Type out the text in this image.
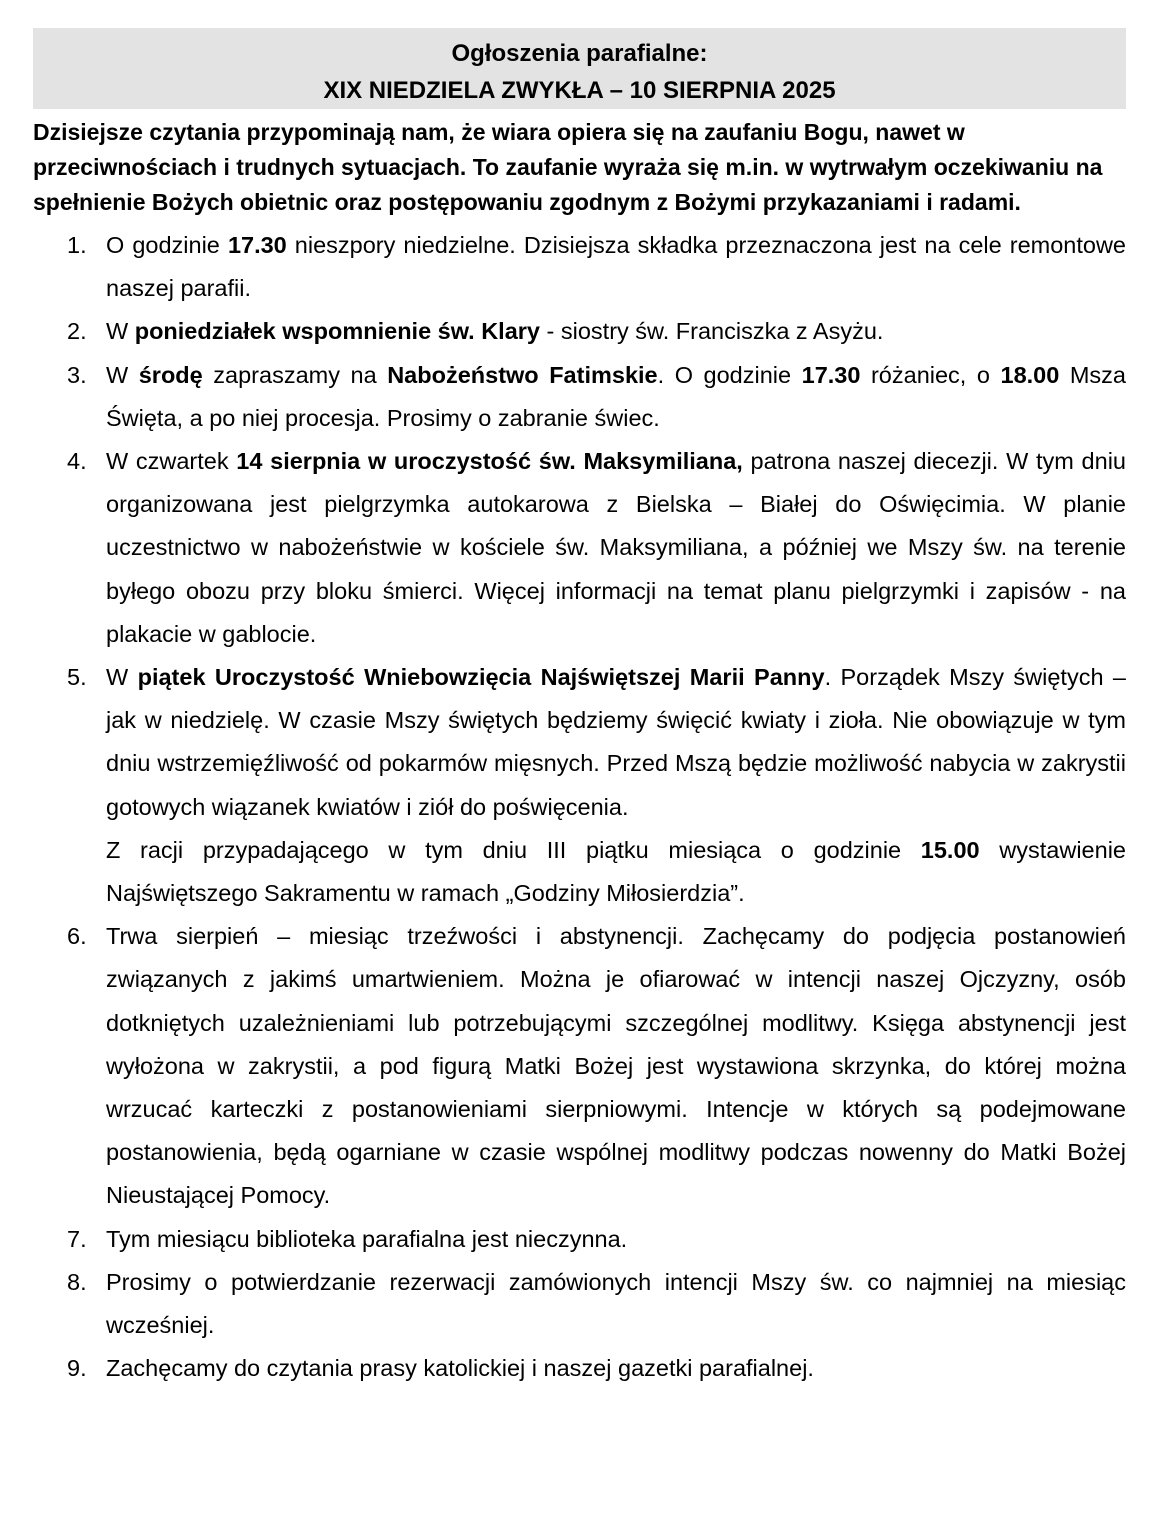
Ogłoszenia parafialne:
XIX NIEDZIELA ZWYKŁA – 10 SIERPNIA 2025
Dzisiejsze czytania przypominają nam, że wiara opiera się na zaufaniu Bogu, nawet w przeciwnościach i trudnych sytuacjach. To zaufanie wyraża się m.in. w wytrwałym oczekiwaniu na spełnienie Bożych obietnic oraz postępowaniu zgodnym z Bożymi przykazaniami i radami.
1. O godzinie 17.30 nieszpory niedzielne. Dzisiejsza składka przeznaczona jest na cele remontowe naszej parafii.
2. W poniedziałek wspomnienie św. Klary - siostry św. Franciszka z Asyżu.
3. W środę zapraszamy na Nabożeństwo Fatimskie. O godzinie 17.30 różaniec, o 18.00 Msza Święta, a po niej procesja. Prosimy o zabranie świec.
4. W czwartek 14 sierpnia w uroczystość św. Maksymiliana, patrona naszej diecezji. W tym dniu organizowana jest pielgrzymka autokarowa z Bielska – Białej do Oświęcimia. W planie uczestnictwo w nabożeństwie w kościele św. Maksymiliana, a później we Mszy św. na terenie byłego obozu przy bloku śmierci. Więcej informacji na temat planu pielgrzymki i zapisów - na plakacie w gablocie.
5. W piątek Uroczystość Wniebowzięcia Najświętszej Marii Panny. Porządek Mszy świętych – jak w niedzielę. W czasie Mszy świętych będziemy święcić kwiaty i zioła. Nie obowiązuje w tym dniu wstrzemięźliwość od pokarmów mięsnych. Przed Mszą będzie możliwość nabycia w zakrystii gotowych wiązanek kwiatów i ziół do poświęcenia.
Z racji przypadającego w tym dniu III piątku miesiąca o godzinie 15.00 wystawienie Najświętszego Sakramentu w ramach „Godziny Miłosierdzia”.
6. Trwa sierpień – miesiąc trzeźwości i abstynencji. Zachęcamy do podjęcia postanowień związanych z jakimś umartwieniem. Można je ofiarować w intencji naszej Ojczyzny, osób dotkniętych uzależnieniami lub potrzebującymi szczególnej modlitwy. Księga abstynencji jest wyłożona w zakrystii, a pod figurą Matki Bożej jest wystawiona skrzynka, do której można wrzucać karteczki z postanowieniami sierpniowymi. Intencje w których są podejmowane postanowienia, będą ogarniane w czasie wspólnej modlitwy podczas nowenny do Matki Bożej Nieustającej Pomocy.
7. Tym miesiącu biblioteka parafialna jest nieczynna.
8. Prosimy o potwierdzanie rezerwacji zamówionych intencji Mszy św. co najmniej na miesiąc wcześniej.
9. Zachęcamy do czytania prasy katolickiej i naszej gazetki parafialnej.
